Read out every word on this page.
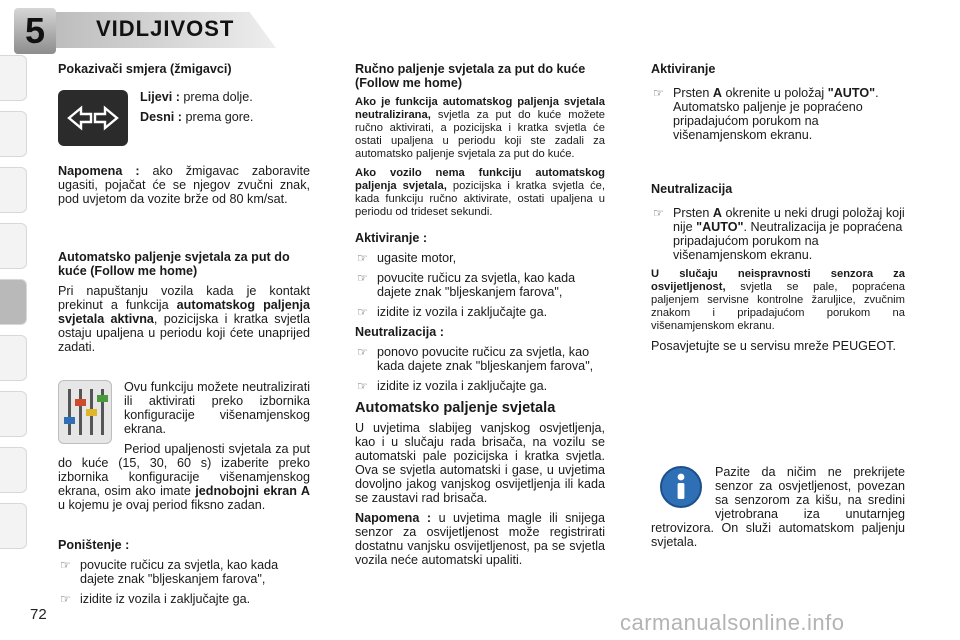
5	VIDLJIVOST
Pokazivači smjera (žmigavci)

Lijevi : prema dolje.

Desni : prema gore.

Napomena : ako žmigavac zaboravite ugasiti, pojačat će se njegov zvučni znak, pod uvjetom da vozite brže od 80 km/sat.

Automatsko paljenje svjetala za put do kuće (Follow me home)

Pri napuštanju vozila kada je kontakt prekinut a funkcija automatskog paljenja svjetala aktivna, pozicijska i kratka svjetla ostaju upaljena u periodu koji ćete unaprijed zadati.

Ovu funkciju možete neutralizirati ili aktivirati preko izbornika konfiguracije višenamjenskog ekrana.

Period upaljenosti svjetala za put do kuće (15, 30, 60 s) izaberite preko izbornika konfiguracije višenamjenskog ekrana, osim ako imate jednobojni ekran A u kojemu je ovaj period fiksno zadan.

Poništenje :
☞ povucite ručicu za svjetla, kao kada dajete znak "bljeskanjem farova",
☞ izidite iz vozila i zaključajte ga.
Ručno paljenje svjetala za put do kuće (Follow me home)

Ako je funkcija automatskog paljenja svjetala neutralizirana, svjetla za put do kuće možete ručno aktivirati, a pozicijska i kratka svjetla će ostati upaljena u periodu koji ste zadali za automatsko paljenje svjetala za put do kuće.

Ako vozilo nema funkciju automatskog paljenja svjetala, pozicijska i kratka svjetla će, kada funkciju ručno aktivirate, ostati upaljena u periodu od trideset sekundi.

Aktiviranje :
☞ ugasite motor,
☞ povucite ručicu za svjetla, kao kada dajete znak "bljeskanjem farova",
☞ izidite iz vozila i zaključajte ga.
Neutralizacija :
☞ ponovo povucite ručicu za svjetla, kao kada dajete znak "bljeskanjem farova",
☞ izidite iz vozila i zaključajte ga.
Automatsko paljenje svjetala

U uvjetima slabijeg vanjskog osvjetljenja, kao i u slučaju rada brisača, na vozilu se automatski pale pozicijska i kratka svjetla. Ova se svjetla automatski i gase, u uvjetima dovoljno jakog vanjskog osvijetljenja ili kada se zaustavi rad brisača.

Napomena : u uvjetima magle ili snijega senzor za osvijetljenost može registrirati dostatnu vanjsku osvijetljenost, pa se svjetla vozila neće automatski upaliti.

Aktiviranje
☞ Prsten A okrenite u položaj "AUTO". Automatsko paljenje je popraćeno pripadajućom porukom na višenamjenskom ekranu.
Neutralizacija
☞ Prsten A okrenite u neki drugi položaj koji nije "AUTO". Neutralizacija je popraćena pripadajućom porukom na višenamjenskom ekranu.

U slučaju neispravnosti senzora za osvijetljenost, svjetla se pale, popraćena paljenjem servisne kontrolne žaruljice, zvučnim znakom i pripadajućom porukom na višenamjenskom ekranu.

Posavjetujte se u servisu mreže PEUGEOT.

Pazite da ničim ne prekrijete senzor za osvjetljenost, povezan sa senzorom za kišu, na sredini vjetrobrana iza unutarnjeg retrovizora. On služi automatskom paljenju svjetala.

72	carmanualsonline.info
